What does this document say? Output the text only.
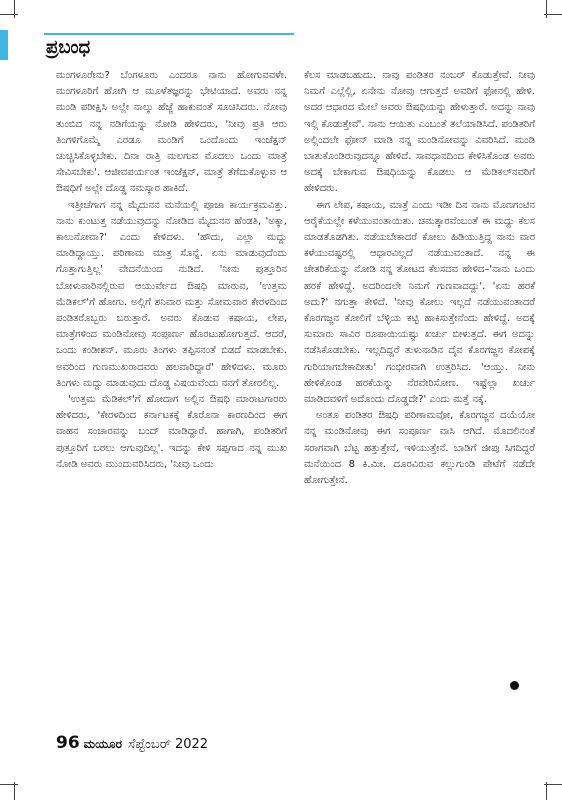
ಪ್ರಬಂಧ

ಮಂಗಳೂರೇನು? ಬೆಂಗಳೂರು ಎಂದರೂ ನಾನು ಹೋಗುವವಳೇ. ಮಂಗಳೂರಿಗೆ ಹೋಗಿ ಆ ಮೂಳೆತಜ್ಞರನ್ನು ಭೇಟಿಯಾದೆ. ಅವರು ನನ್ನ ಮಂಡಿ ಪರೀಕ್ಷಿಸಿ ಅಲ್ಲೇ ನಾಲ್ಕು ಹೆಜ್ಜೆ ಹಾಕುವಂತೆ ಸೂಚಿಸಿದರು. ನೋವು ತುಂಬಿದ ನನ್ನ ನಡಿಗೆಯನ್ನು ನೋಡಿ ಹೇಳಿದರು, 'ನೀವು ಪ್ರತಿ ಆರು ತಿಂಗಳಿಗೊಮ್ಮೆ ಎರಡೂ ಮಂಡಿಗೆ ಒಂದೊಂದು ಇಂಜೆಕ್ಷನ್ ಚುಚ್ಚಿಸಿಕೊಳ್ಳಬೇಕು. ದಿನಾ ರಾತ್ರಿ ಮಲಗುವ ಮೊದಲು ಒಂದು ಮಾತ್ರೆ ಸೇವಿಸಬೇಕು'. ಆಜೀವಪರ್ಯಂತ ಇಂಜೆಕ್ಷನ್, ಮಾತ್ರೆ ತೆಗೆದುಕೊಳ್ಳುವ ಆ ಔಷಧಿಗೆ ಅಲ್ಲೇ ದೊಡ್ಡ ನಮಸ್ಕಾರ ಹಾಕಿದೆ.

ಇತ್ತೀಚೆಗಾಗ ನನ್ನ ಮೈದುನನ ಮನೆಯಲ್ಲಿ ಪೂಜಾ ಕಾರ್ಯಕ್ರಮವಿತ್ತು. ನಾನು ಕುಂಟುತ್ತ ನಡೆಯುವುದನ್ನು ನೋಡಿದ ಮೈದುನನ ಹೆಂಡತಿ, 'ಅಕ್ಕಾ, ಕಾಲುನೋವಾ?' ಎಂದು ಕೇಳಿದಳು. 'ಹೌದು, ಎಲ್ಲಾ ಮದ್ದು ಮಾಡಿದ್ದಾಯ್ತು. ಪರಿಣಾಮ ಮಾತ್ರ ಸೊನ್ನೆ. ಏನು ಮಾಡುವುದೆಂದು ಗೊತ್ತಾಗುತ್ತಿಲ್ಲ' ವೇದನೆಯಿಂದ ನುಡಿದೆ. 'ನೀನು ಪುತ್ತೂರಿನ ಬೋಳುವಾರಿನಲ್ಲಿರುವ ಆಯುರ್ವೇದ ಔಷಧಿ ಮಾರುವ, 'ಉತ್ತಮ ಮೆಡಿಕಲ್'ಗೆ ಹೋಗು. ಅಲ್ಲಿಗೆ ಶನಿವಾರ ಮತ್ತು ಸೋಮವಾರ ಕೇರಳದಿಂದ ಪಂಡಿತರೊಬ್ಬರು ಬರುತ್ತಾರೆ. ಅವರು ಕೊಡುವ ಕಷಾಯ, ಲೇಪ, ಮಾತ್ರೆಗಳಿಂದ ಮಂಡಿನೋವು ಸಂಪೂರ್ಣ ಹೊರಟುಹೋಗುತ್ತದೆ. ಆದರೆ, ಒಂದು ಕಂಡೀಶನ್. ಮೂರು ತಿಂಗಳು ತಪ್ಪಿಸನಂತೆ ಬಿಡದೆ ಮಾಡಬೇಕು. ಅವರಿಂದ ಗುಣಮುಖರಾದವರು ಹಲವಾರಿದ್ದಾರೆ' ಹೇಳಿದಳು. ಮೂರು ತಿಂಗಳು ಮದ್ದು ಮಾಡುವುದು ದೊಡ್ಡ ವಿಷಯವೆಂದು ನನಗೆ ತೋರಲಿಲ್ಲ.

'ಉತ್ತಮ ಮೆಡಿಕಲ್'ಗೆ ಹೋದಾಗ ಅಲ್ಲಿನ ಔಷಧಿ ಮಾರಾಟಗಾರರು ಹೇಳಿದರು, 'ಕೇರಳದಿಂದ ಕರ್ನಾಟಕಕ್ಕೆ ಕೊರೊನಾ ಕಾರಣದಿಂದ ಈಗ ವಾಹನ ಸಂಚಾರವನ್ನು ಬಂದ್ ಮಾಡಿದ್ದಾರೆ. ಹಾಗಾಗಿ, ಪಂಡಿತರಿಗೆ ಪುತ್ತೂರಿಗೆ ಬರಲು ಆಗುವುದಿಲ್ಲ'. ಇದನ್ನು ಕೇಳಿ ಸಪ್ಪಗಾದ ನನ್ನ ಮುಖ ನೋಡಿ ಅವರು ಮುಂದುವರಿಸಿದರು, 'ನೀವು ಒಂದು

ಕೆಲಸ ಮಾಡಬಹುದು. ನಾವು ಪಂಡಿತರ ನಂಬರ್ ಕೊಡುತ್ತೇವೆ. ನೀವು ನಿಮಗೆ ಎಲ್ಲೆಲ್ಲಿ, ಏನೇನು ನೋವು ಆಗುತ್ತದೆ ಅವರಿಗೆ ಫೋನಲ್ಲಿ ಹೇಳಿ. ಅದರ ಆಧಾರದ ಮೇಲೆ ಅವರು ಔಷಧಿಯನ್ನು ಹೇಳುತ್ತಾರೆ. ಅದನ್ನು ನಾವು ಇಲ್ಲಿ ಕೊಡುತ್ತೇವೆ'. ನಾನು ಆಯಿತು ಎಂಬಂತೆ ತಲೆಯಾಡಿಸಿದೆ. ಪಂಡಿತರಿಗೆ ಅಲ್ಲಿಂದಲೇ ಫೋನ್ ಮಾಡಿ ನನ್ನ ಮಂಡಿನೋವನ್ನು ವಿವರಿಸಿದೆ. ಮಂಡಿ ಬಾತುಕೊಂಡಿರುವುದನ್ನೂ ಹೇಳಿದೆ. ಸಾವಧಾನದಿಂದ ಕೇಳಿಸಿಕೊಂಡ ಅವರು ಅದಕ್ಕೆ ಬೇಕಾಗುವ ಔಷಧಿಯನ್ನು ಕೊಡಲು ಆ ಮೆಡಿಕಲ್‌ನವರಿಗೆ ಹೇಳಿದರು.

ಈಗ ಲೇಪ, ಕಷಾಯ, ಮಾತ್ರೆ ಎಂದು ಇಡೀ ದಿನ ನಾನು ಮೊಣಗಂಟಿನ ಆರೈಕೆಯಲ್ಲೇ ಕಳೆಯುವಂತಾಯಿತು. ಚಮತ್ಕಾರವೆಂಬಂತೆ ಈ ಮದ್ದು ಕೆಲಸ ಮಾಡತೊಡಗಿತು. ನಡೆಯಬೇಕಾದರೆ ಕೋಲು ಹಿಡಿಯುತ್ತಿದ್ದ ನಾನು ವಾರ ಕಳೆಯುವಷ್ಟರಲ್ಲಿ ಆಧಾರವಿಲ್ಲದೆ ನಡೆಯುವಂತಾದೆ. ನನ್ನ ಈ ಚೇತರಿಕೆಯನ್ನು ನೋಡಿ ನನ್ನ ತೋಟದ ಕೆಲಸದವ ಹೇಳಿದ–'ನಾನು ಒಂದು ಹರಕೆ ಹೇಳಿದ್ದೆ. ಅದರಿಂದಲೇ ನಿಮಗೆ ಗುಣವಾದದ್ದು'. 'ಏನು ಹರಕೆ ಅದು?' ನಗುತ್ತಾ ಕೇಳಿದೆ. 'ನೀವು ಕೋಲು ಇಲ್ಲದೆ ನಡೆಯುವಂತಾದರೆ ಕೊರಗಜ್ಜನ ಕೋಲಿಗೆ ಬೆಳ್ಳಿಯ ಕಟ್ಟಿ ಹಾಕಿಸುತ್ತೇನೆಂದು ಹೇಳಿದ್ದೆ. ಅದಕ್ಕೆ ಸುಮಾರು ಸಾವಿರ ರೂಪಾಯಿಯಷ್ಟು ಖರ್ಚು ಬೀಳುತ್ತದೆ. ಈಗ ಅದನ್ನು ನಡೆಸಿಕೊಡಬೇಕು. ಇಲ್ಲದಿದ್ದರೆ ತುಳುನಾಡಿನ ದೈವ ಕೊರಗಜ್ಜನ ಕೋಪಕ್ಕೆ ಗುರಿಯಾಗಬೇಕಾದೀತು' ಗಂಭೀರವಾಗಿ ಉತ್ತರಿಸಿದ. 'ಆಯ್ತು. ನೀನು ಹೇಳಿಕೊಂಡ ಹರಕೆಯನ್ನು ನೆರವೇರಿಸೋಣ. ಇಷ್ಟೆಲ್ಲಾ ಖರ್ಚು ಮಾಡಿದವಳಿಗೆ ಅದೊಂದು ದೊಡ್ಡದೇ?' ಎಂದು ಮತ್ತೆ ನಕ್ಕೆ.

ಅಂತೂ ಪಂಡಿತರ ಔಷಧಿ ಪರಿಣಾಮವೋ, ಕೊರಗಜ್ಜನ ದಯೆಯೋ ನನ್ನ ಮಂಡಿನೋವು ಈಗ ಸಂಪೂರ್ಣ ವಾಸಿ ಆಗಿದೆ. ಮೊದಲಿನಂತೆ ಸರಾಗವಾಗಿ ಬೆಟ್ಟ ಹತ್ತುತ್ತೇನೆ, ಇಳಿಯುತ್ತೇನೆ. ಬಾಡಿಗೆ ಜೀಪು ಸಿಗದಿದ್ದರೆ ಮನೆಯಿಂದ 8 ಕಿ.ಮೀ. ದೂರವಿರುವ ಕಲ್ಲುಗುಂಡಿ ಪೇಟೆಗೆ ನಡೆದೇ ಹೋಗುತ್ತೇನೆ.

96 ಮಯೂರ ಸೆಪ್ಟೆಂಬರ್ 2022
